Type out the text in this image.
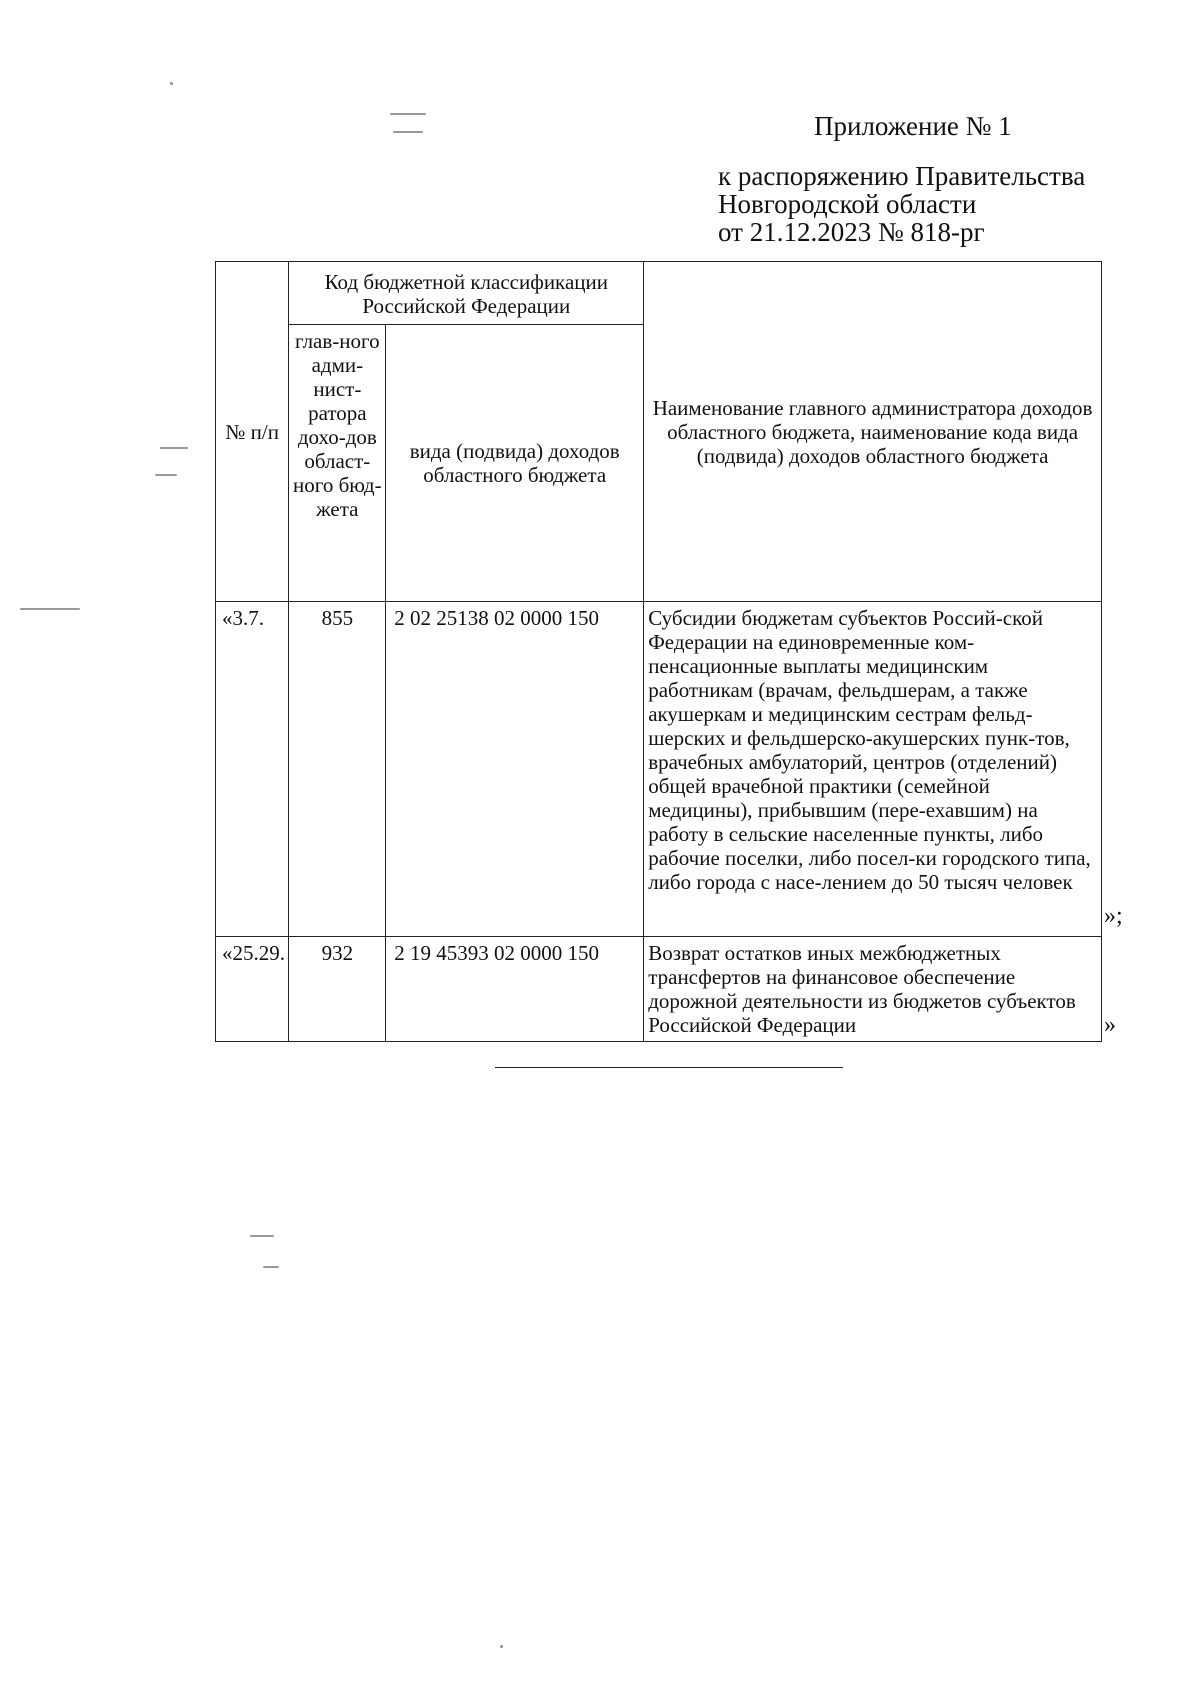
Приложение № 1
к распоряжению Правительства
Новгородской области
от 21.12.2023 № 818-рг
№ п/п	Код бюджетной классификации Российской Федерации		Наименование главного администратора доходов областного бюджета, наименование кода вида (подвида) доходов областного бюджета
	глав-ного адми-нист-ратора дохо-дов област-ного бюд-жета	вида (подвида) доходов областного бюджета	
«3.7.	855	2 02 25138 02 0000 150	Субсидии бюджетам субъектов Россий-ской Федерации на единовременные ком-пенсационные выплаты медицинским работникам (врачам, фельдшерам, а также акушеркам и медицинским сестрам фельд-шерских и фельдшерско-акушерских пунк-тов, врачебных амбулаторий, центров (отделений) общей врачебной практики (семейной медицины), прибывшим (пере-ехавшим) на работу в сельские населенные пункты, либо рабочие поселки, либо посел-ки городского типа, либо города с насе-лением до 50 тысяч человек
«25.29.	932	2 19 45393 02 0000 150	Возврат остатков иных межбюджетных трансфертов на финансовое обеспечение дорожной деятельности из бюджетов субъектов Российской Федерации
»;
»
